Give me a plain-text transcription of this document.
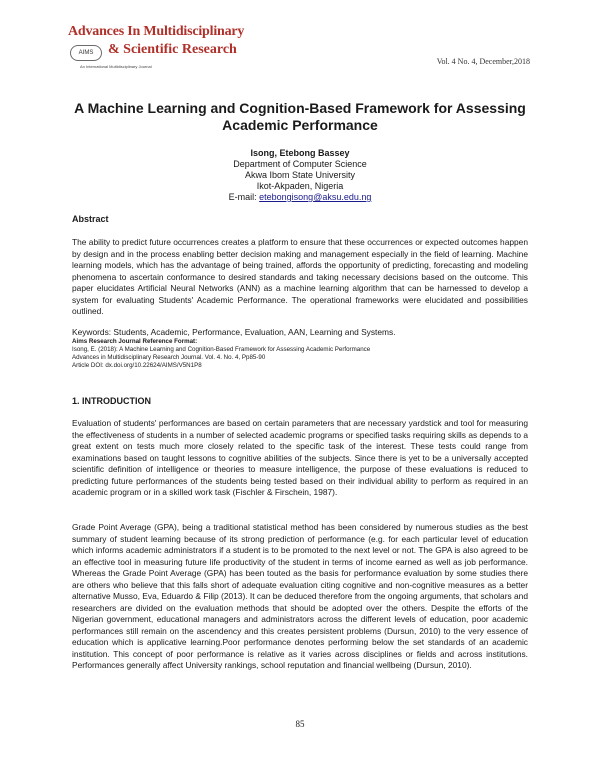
Advances In Multidisciplinary
AIMS	& Scientific Research
An International Multidisciplinary Journal
Vol. 4 No. 4, December,2018
A Machine Learning and Cognition-Based Framework for Assessing Academic Performance
Isong, Etebong Bassey
Department of Computer Science
Akwa Ibom State University
Ikot-Akpaden, Nigeria
E-mail: etebongisong@aksu.edu.ng
Abstract
The ability to predict future occurrences creates a platform to ensure that these occurrences or expected outcomes happen by design and in the process enabling better decision making and management especially in the field of learning. Machine learning models, which has the advantage of being trained, affords the opportunity of predicting, forecasting and modeling phenomena to ascertain conformance to desired standards and taking necessary decisions based on the outcome. This paper elucidates Artificial Neural Networks (ANN) as a machine learning algorithm that can be harnessed to develop a system for evaluating Students' Academic Performance. The operational frameworks were elucidated and possibilities outlined.
Keywords: Students, Academic, Performance, Evaluation, AAN, Learning and Systems.
Aims Research Journal Reference Format:
Isong, E. (2018): A Machine Learning and Cognition-Based Framework for Assessing Academic Performance
Advances in Multidisciplinary Research Journal. Vol. 4. No. 4, Pp85-90
Article DOI: dx.doi.org/10.22624/AIMS/V5N1P8
1. INTRODUCTION
Evaluation of students' performances are based on certain parameters that are necessary yardstick and tool for measuring the effectiveness of students in a number of selected academic programs or specified tasks requiring skills as depends to a great extent on tests much more closely related to the specific task of the interest. These tests could range from examinations based on taught lessons to cognitive abilities of the subjects. Since there is yet to be a universally accepted scientific definition of intelligence or theories to measure intelligence, the purpose of these evaluations is reduced to predicting future performances of the students being tested based on their individual ability to perform as required in an academic program or in a skilled work task (Fischler & Firschein, 1987).
Grade Point Average (GPA), being a traditional statistical method has been considered by numerous studies as the best summary of student learning because of its strong prediction of performance (e.g. for each particular level of education which informs academic administrators if a student is to be promoted to the next level or not. The GPA is also agreed to be an effective tool in measuring future life productivity of the student in terms of income earned as well as job performance. Whereas the Grade Point Average (GPA) has been touted as the basis for performance evaluation by some studies there are others who believe that this falls short of adequate evaluation citing cognitive and non-cognitive measures as a better alternative Musso, Eva, Eduardo & Filip (2013). It can be deduced therefore from the ongoing arguments, that scholars and researchers are divided on the evaluation methods that should be adopted over the others. Despite the efforts of the Nigerian government, educational managers and administrators across the different levels of education, poor academic performances still remain on the ascendency and this creates persistent problems (Dursun, 2010) to the very essence of education which is applicative learning.Poor performance denotes performing below the set standards of an academic institution. This concept of poor performance is relative as it varies across disciplines or fields and across institutions. Performances generally affect University rankings, school reputation and financial wellbeing (Dursun, 2010).
85
